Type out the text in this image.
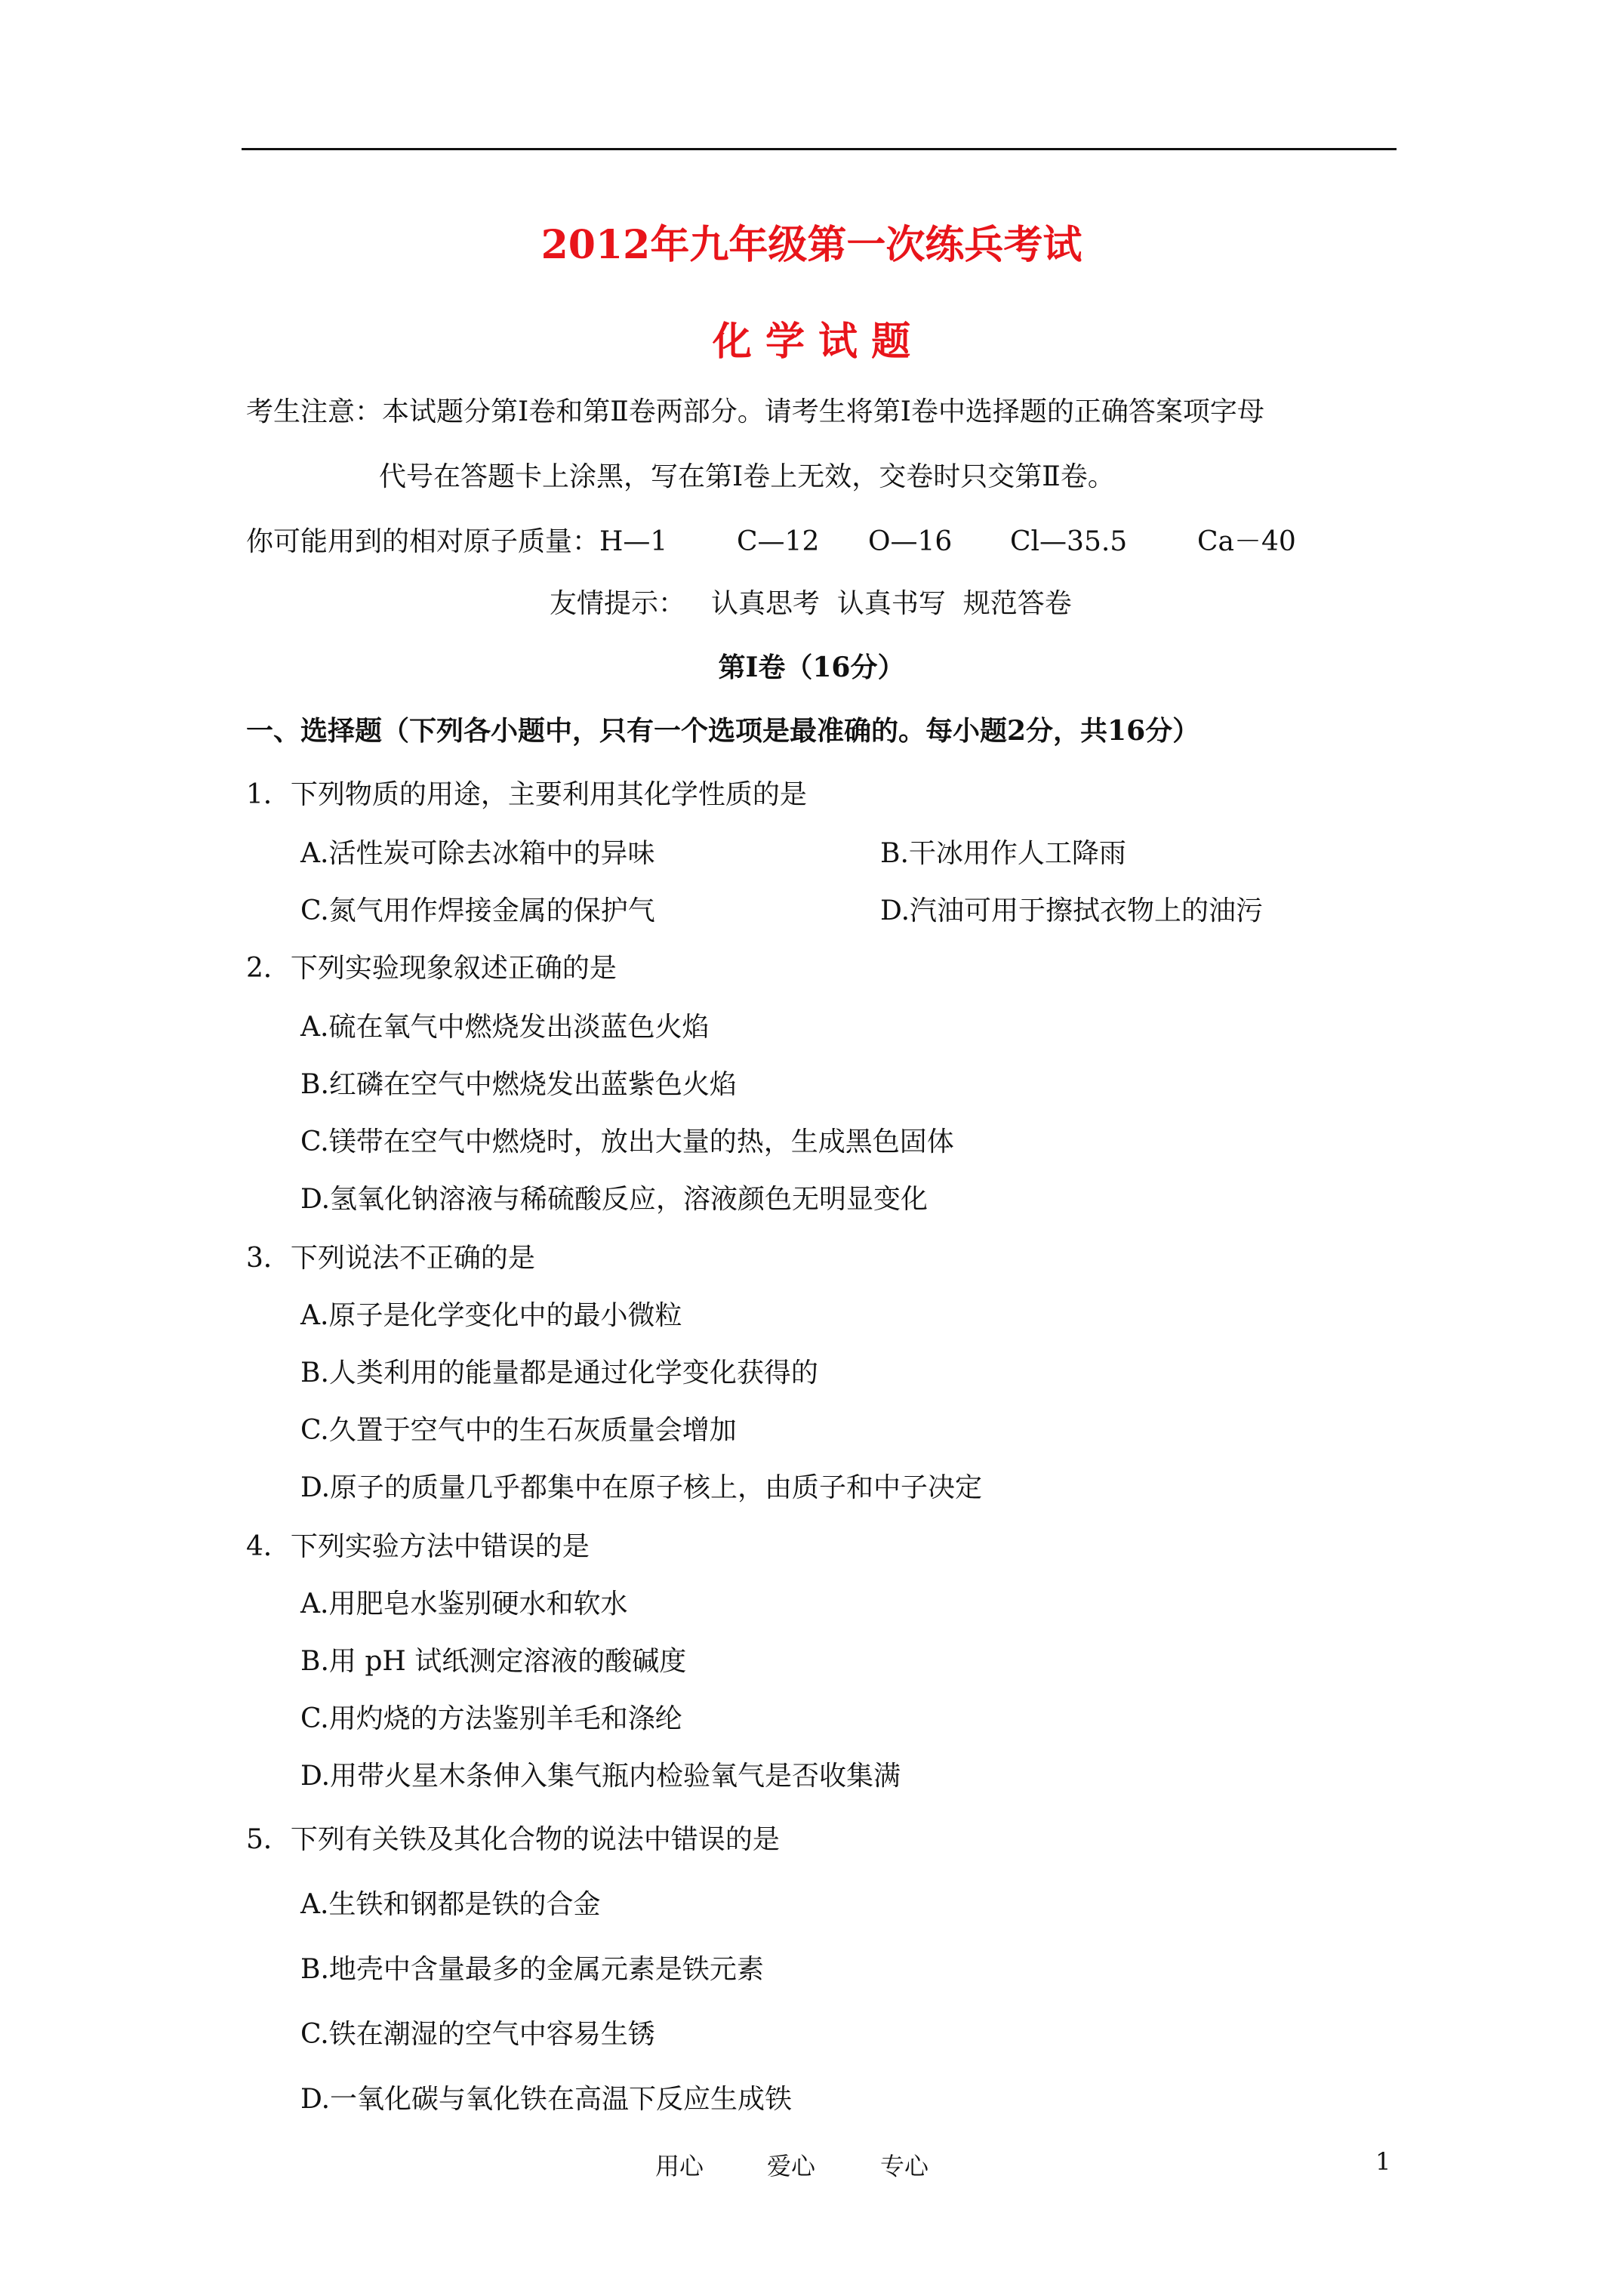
2012年九年级第一次练兵考试
化 学 试 题
考生注意：本试题分第Ⅰ卷和第Ⅱ卷两部分。请考生将第Ⅰ卷中选择题的正确答案项字母
代号在答题卡上涂黑，写在第Ⅰ卷上无效，交卷时只交第Ⅱ卷。
你可能用到的相对原子质量： H—1	C—12 O—16 Cl—35.5	Ca－40
友情提示： 认真思考  认真书写  规范答卷
第Ⅰ卷（16分）
一、选择题（下列各小题中，只有一个选项是最准确的。每小题2分，共16分）
1．下列物质的用途，主要利用其化学性质的是
A.活性炭可除去冰箱中的异味	B.干冰用作人工降雨
C.氮气用作焊接金属的保护气	D.汽油可用于擦拭衣物上的油污
2．下列实验现象叙述正确的是
A.硫在氧气中燃烧发出淡蓝色火焰
B.红磷在空气中燃烧发出蓝紫色火焰
C.镁带在空气中燃烧时，放出大量的热，生成黑色固体
D.氢氧化钠溶液与稀硫酸反应，溶液颜色无明显变化
3．下列说法不正确的是
A.原子是化学变化中的最小微粒
B.人类利用的能量都是通过化学变化获得的
C.久置于空气中的生石灰质量会增加
D.原子的质量几乎都集中在原子核上，由质子和中子决定
4．下列实验方法中错误的是
A.用肥皂水鉴别硬水和软水
B.用 pH 试纸测定溶液的酸碱度
C.用灼烧的方法鉴别羊毛和涤纶
D.用带火星木条伸入集气瓶内检验氧气是否收集满
5．下列有关铁及其化合物的说法中错误的是
A.生铁和钢都是铁的合金
B.地壳中含量最多的金属元素是铁元素
C.铁在潮湿的空气中容易生锈
D.一氧化碳与氧化铁在高温下反应生成铁
用心	爱心	专心	1
